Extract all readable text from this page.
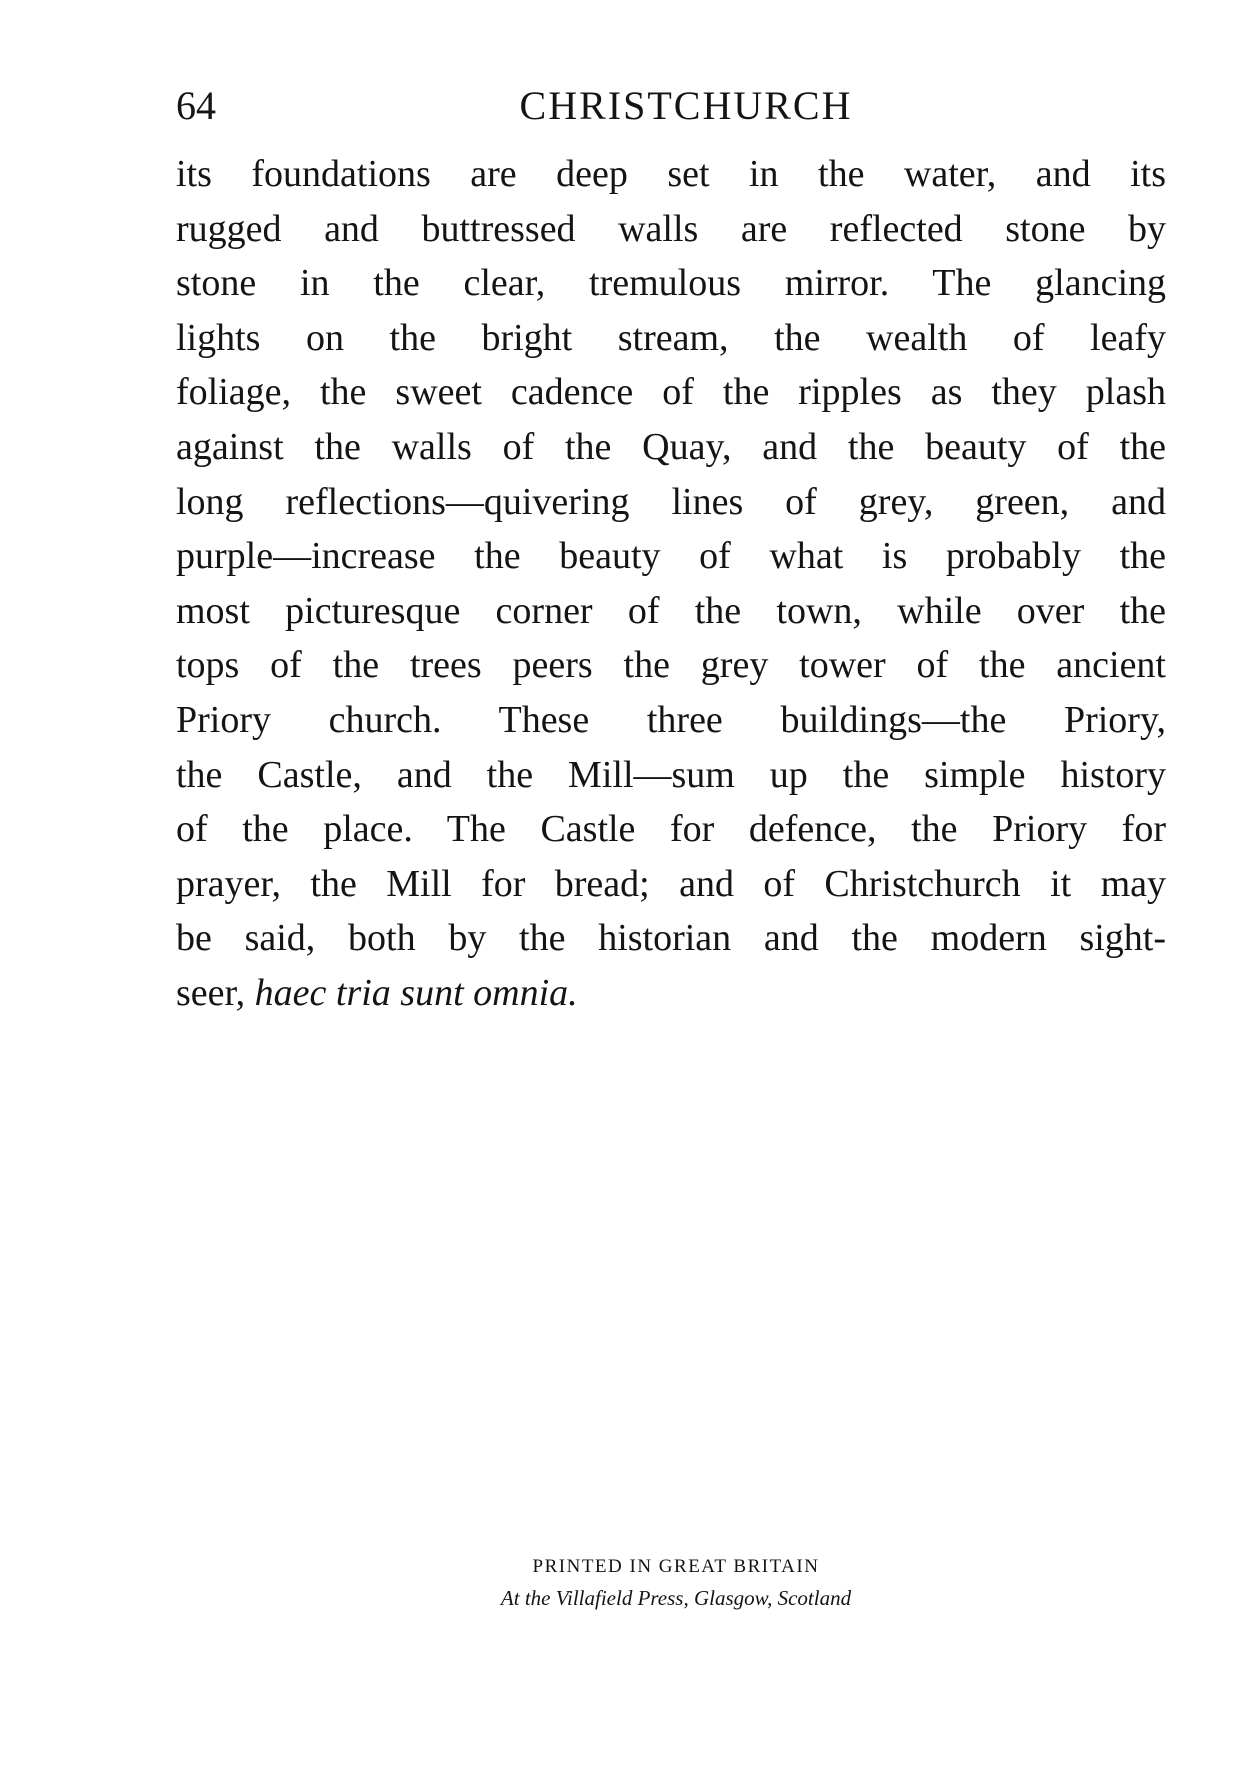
64	CHRISTCHURCH
its foundations are deep set in the water, and its
rugged and buttressed walls are reflected stone by
stone in the clear, tremulous mirror. The glancing
lights on the bright stream, the wealth of leafy
foliage, the sweet cadence of the ripples as they plash
against the walls of the Quay, and the beauty of the
long reflections—quivering lines of grey, green, and
purple—increase the beauty of what is probably the
most picturesque corner of the town, while over the
tops of the trees peers the grey tower of the ancient
Priory church. These three buildings—the Priory,
the Castle, and the Mill—sum up the simple history
of the place. The Castle for defence, the Priory for
prayer, the Mill for bread; and of Christchurch it may
be said, both by the historian and the modern sight-
seer, haec tria sunt omnia.
PRINTED IN GREAT BRITAIN
At the Villafield Press, Glasgow, Scotland
